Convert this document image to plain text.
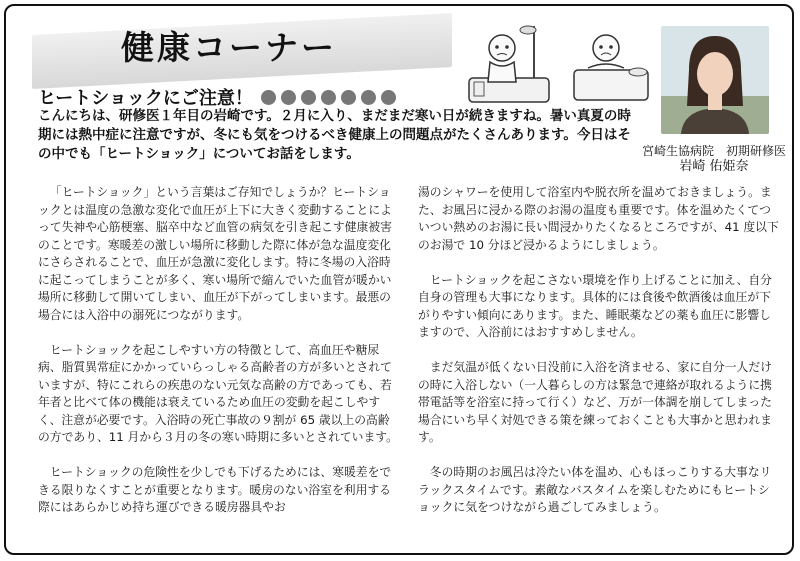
健康コーナー
ヒートショックにご注意！
宮崎生協病院　初期研修医
岩崎 佑姫奈
こんにちは、研修医１年目の岩崎です。２月に入り、まだまだ寒い日が続きますね。暑い真夏の時期には熱中症に注意ですが、冬にも気をつけるべき健康上の問題点がたくさんあります。今日はその中でも「ヒートショック」についてお話をします。

「ヒートショック」という言葉はご存知でしょうか？ヒートショックとは温度の急激な変化で血圧が上下に大きく変動することによって失神や心筋梗塞、脳卒中など血管の病気を引き起こす健康被害のことです。寒暖差の激しい場所に移動した際に体が急な温度変化にさらされることで、血圧が急激に変化します。特に冬場の入浴時に起こってしまうことが多く、寒い場所で縮んでいた血管が暖かい場所に移動して開いてしまい、血圧が下がってしまいます。最悪の場合には入浴中の溺死につながります。

ヒートショックを起こしやすい方の特徴として、高血圧や糖尿病、脂質異常症にかかっていらっしゃる高齢者の方が多いとされていますが、特にこれらの疾患のない元気な高齢の方であっても、若年者と比べて体の機能は衰えているため血圧の変動を起こしやすく、注意が必要です。入浴時の死亡事故の９割が 65 歳以上の高齢の方であり、11 月から３月の冬の寒い時期に多いとされています。

ヒートショックの危険性を少しでも下げるためには、寒暖差をできる限りなくすことが重要となります。暖房のない浴室を利用する際にはあらかじめ持ち運びできる暖房器具やお

湯のシャワーを使用して浴室内や脱衣所を温めておきましょう。また、お風呂に浸かる際のお湯の温度も重要です。体を温めたくてついつい熱めのお湯に長い間浸かりたくなるところですが、41 度以下のお湯で 10 分ほど浸かるようにしましょう。

ヒートショックを起こさない環境を作り上げることに加え、自分自身の管理も大事になります。具体的には食後や飲酒後は血圧が下がりやすい傾向にあります。また、睡眠薬などの薬も血圧に影響しますので、入浴前にはおすすめしません。

まだ気温が低くない日没前に入浴を済ませる、家に自分一人だけの時に入浴しない（一人暮らしの方は緊急で連絡が取れるように携帯電話等を浴室に持って行く）など、万が一体調を崩してしまった場合にいち早く対処できる策を練っておくことも大事かと思われます。

冬の時期のお風呂は冷たい体を温め、心もほっこりする大事なリラックスタイムです。素敵なバスタイムを楽しむためにもヒートショックに気をつけながら過ごしてみましょう。
